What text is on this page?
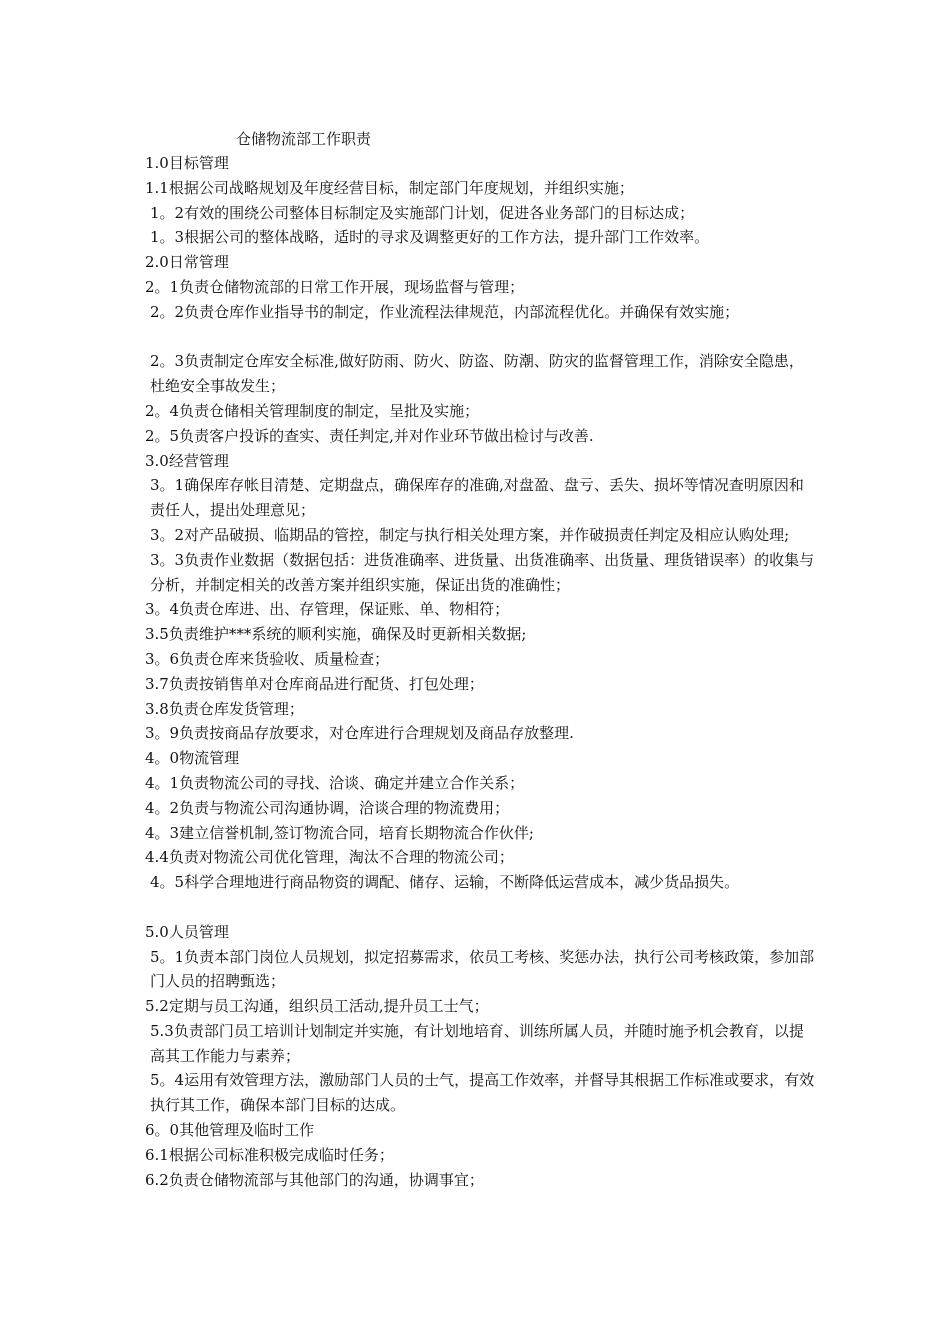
仓储物流部工作职责
1.0目标管理
1.1根据公司战略规划及年度经营目标，制定部门年度规划，并组织实施；
1。2有效的围绕公司整体目标制定及实施部门计划，促进各业务部门的目标达成；
1。3根据公司的整体战略，适时的寻求及调整更好的工作方法，提升部门工作效率。
2.0日常管理
2。1负责仓储物流部的日常工作开展，现场监督与管理；
2。2负责仓库作业指导书的制定，作业流程法律规范，内部流程优化。并确保有效实施；
2。3负责制定仓库安全标准,做好防雨、防火、防盗、防潮、防灾的监督管理工作，消除安全隐患，杜绝安全事故发生；
2。4负责仓储相关管理制度的制定，呈批及实施；
2。5负责客户投诉的查实、责任判定,并对作业环节做出检讨与改善.
3.0经营管理
3。1确保库存帐目清楚、定期盘点，确保库存的准确,对盘盈、盘亏、丢失、损坏等情况查明原因和责任人，提出处理意见；
3。2对产品破损、临期品的管控，制定与执行相关处理方案，并作破损责任判定及相应认购处理;
3。3负责作业数据（数据包括：进货准确率、进货量、出货准确率、出货量、理货错误率）的收集与分析，并制定相关的改善方案并组织实施，保证出货的准确性；
3。4负责仓库进、出、存管理，保证账、单、物相符；
3.5负责维护***系统的顺利实施，确保及时更新相关数据;
3。6负责仓库来货验收、质量检查；
3.7负责按销售单对仓库商品进行配货、打包处理；
3.8负责仓库发货管理；
3。9负责按商品存放要求，对仓库进行合理规划及商品存放整理.
4。0物流管理
4。1负责物流公司的寻找、洽谈、确定并建立合作关系；
4。2负责与物流公司沟通协调，洽谈合理的物流费用；
4。3建立信誉机制,签订物流合同，培育长期物流合作伙伴;
4.4负责对物流公司优化管理，淘汰不合理的物流公司；
4。5科学合理地进行商品物资的调配、储存、运输，不断降低运营成本，减少货品损失。
5.0人员管理
5。1负责本部门岗位人员规划，拟定招募需求，依员工考核、奖惩办法，执行公司考核政策，参加部门人员的招聘甄选；
5.2定期与员工沟通，组织员工活动,提升员工士气；
5.3负责部门员工培训计划制定并实施，有计划地培育、训练所属人员，并随时施予机会教育，以提高其工作能力与素养；
5。4运用有效管理方法，激励部门人员的士气，提高工作效率，并督导其根据工作标准或要求，有效执行其工作，确保本部门目标的达成。
6。0其他管理及临时工作
6.1根据公司标准积极完成临时任务；
6.2负责仓储物流部与其他部门的沟通，协调事宜；
